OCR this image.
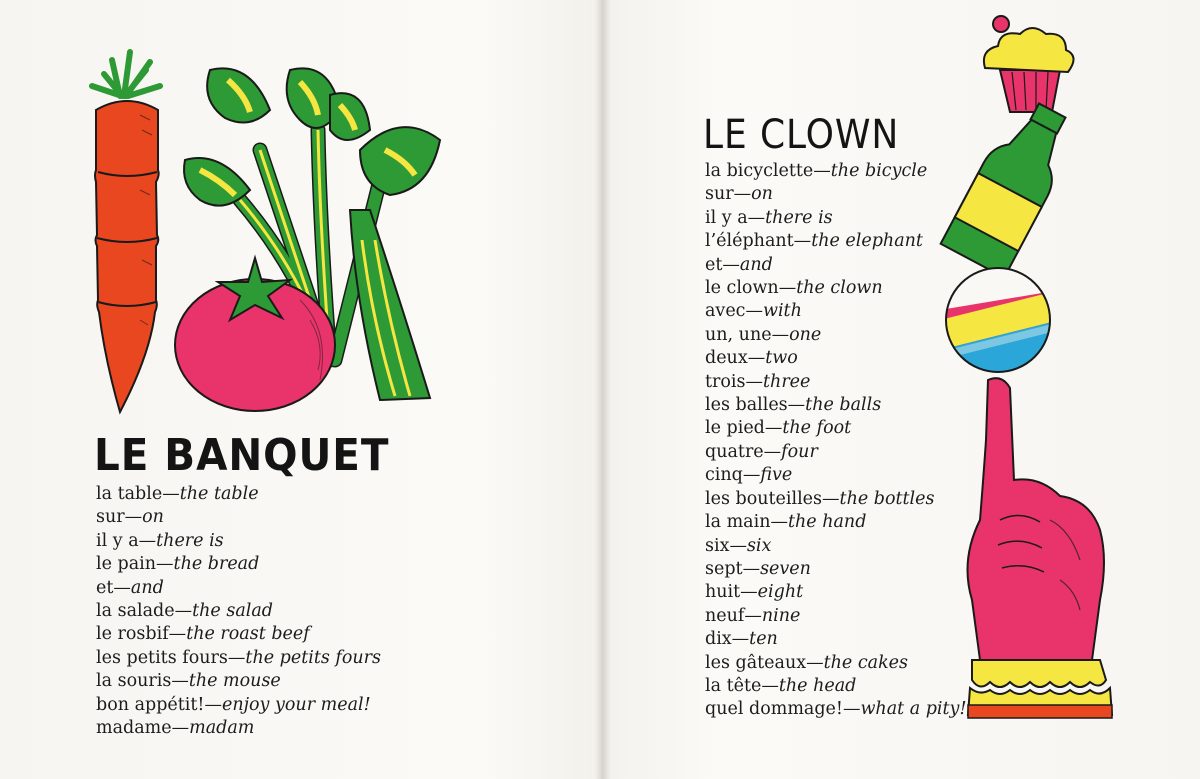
LE BANQUET
la table—the table
sur—on
il y a—there is
le pain—the bread
et—and
la salade—the salad
le rosbif—the roast beef
les petits fours—the petits fours
la souris—the mouse
bon appétit!—enjoy your meal!
madame—madam
LE CLOWN
la bicyclette—the bicycle
sur—on
il y a—there is
l’éléphant—the elephant
et—and
le clown—the clown
avec—with
un, une—one
deux—two
trois—three
les balles—the balls
le pied—the foot
quatre—four
cinq—five
les bouteilles—the bottles
la main—the hand
six—six
sept—seven
huit—eight
neuf—nine
dix—ten
les gâteaux—the cakes
la tête—the head
quel dommage!—what a pity!
